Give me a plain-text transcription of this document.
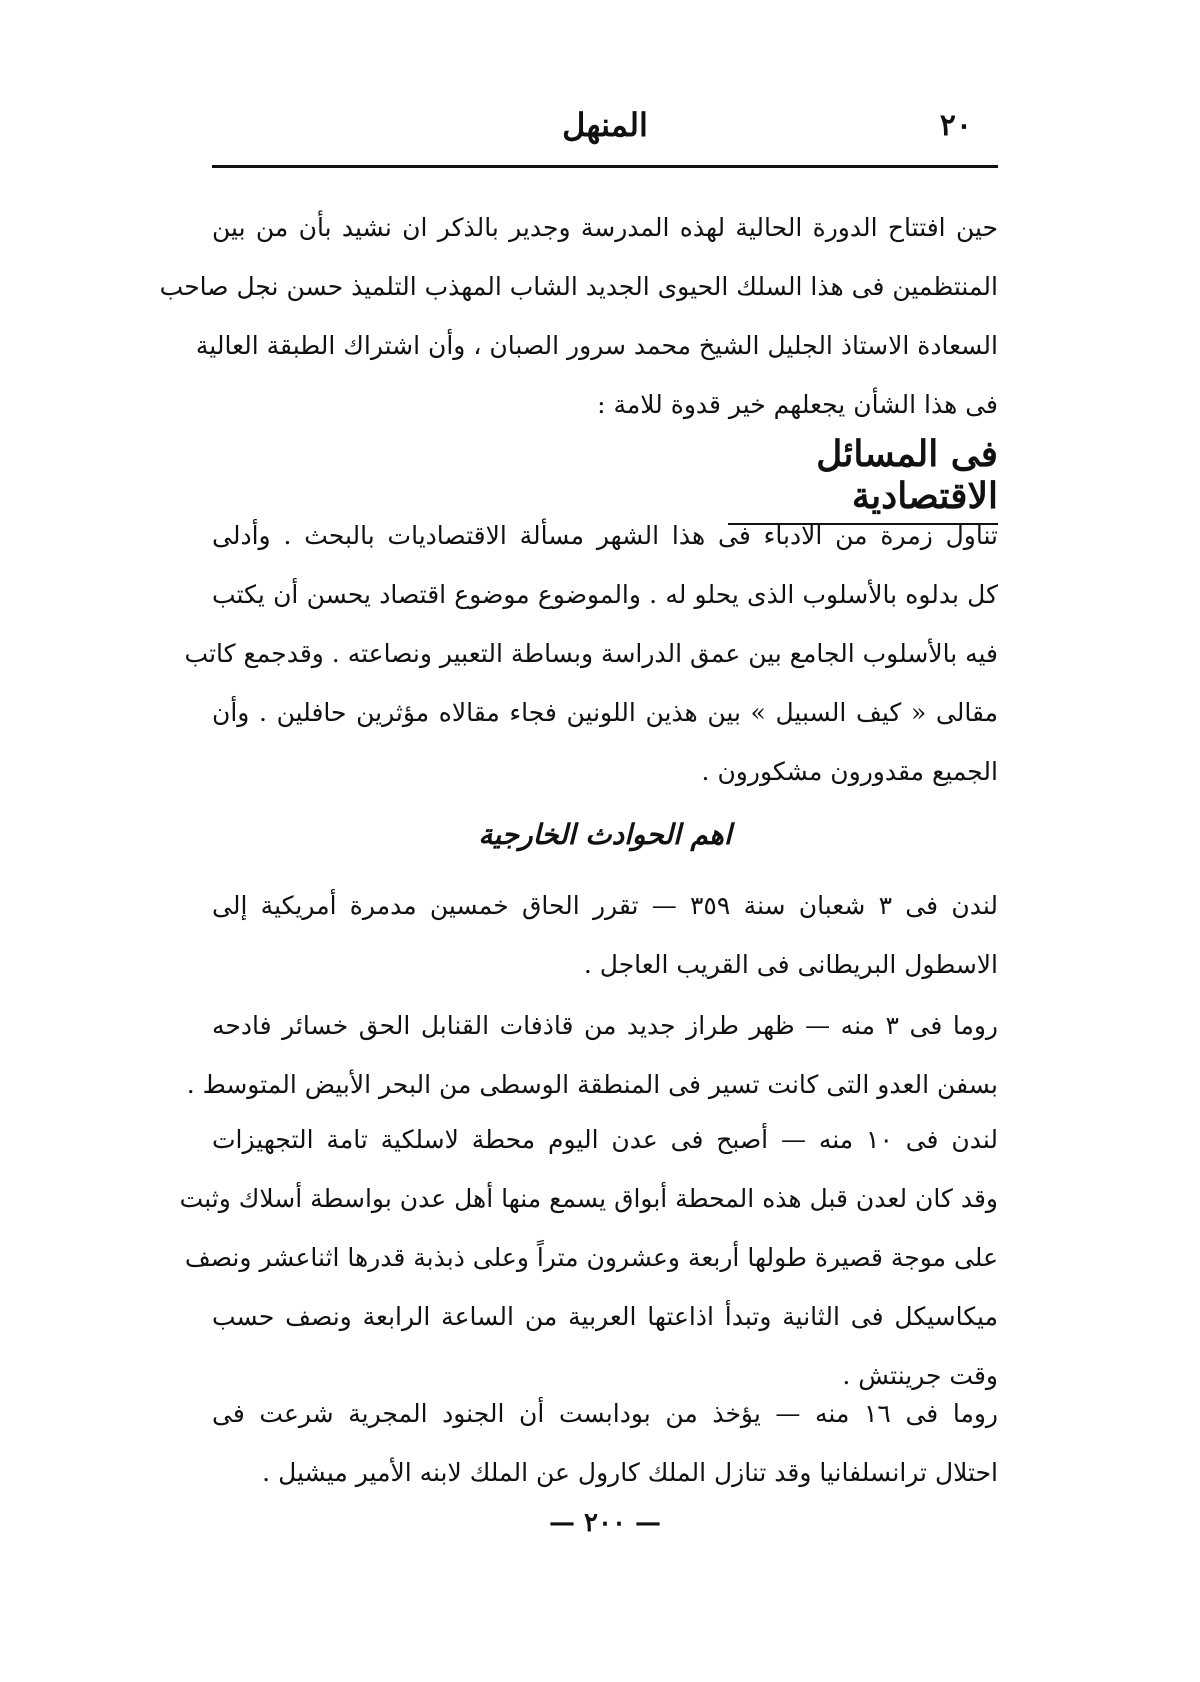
٢٠
المنهل
حين افتتاح الدورة الحالية لهذه المدرسة وجدير بالذكر ان نشيد بأن من بين
المنتظمين فى هذا السلك الحيوى الجديد الشاب المهذب التلميذ حسن نجل صاحب
السعادة الاستاذ الجليل الشيخ محمد سرور الصبان ، وأن اشتراك الطبقة العالية
فى هذا الشأن يجعلهم خير قدوة للامة :
فى المسائل الاقتصادية
تناول زمرة من الادباء فى هذا الشهر مسألة الاقتصاديات بالبحث . وأدلى
كل بدلوه بالأسلوب الذى يحلو له . والموضوع موضوع اقتصاد يحسن أن يكتب
فيه بالأسلوب الجامع بين عمق الدراسة وبساطة التعبير ونصاعته . وقدجمع كاتب
مقالى « كيف السبيل » بين هذين اللونين فجاء مقالاه مؤثرين حافلين . وأن
الجميع مقدورون مشكورون .
اهم الحوادث الخارجية
لندن فى ٣ شعبان سنة ٣٥٩ — تقرر الحاق خمسين مدمرة أمريكية إلى
الاسطول البريطانى فى القريب العاجل .
روما فى ٣ منه — ظهر طراز جديد من قاذفات القنابل الحق خسائر فادحه
بسفن العدو التى كانت تسير فى المنطقة الوسطى من البحر الأبيض المتوسط .
لندن فى ١٠ منه — أصبح فى عدن اليوم محطة لاسلكية تامة التجهيزات
وقد كان لعدن قبل هذه المحطة أبواق يسمع منها أهل عدن بواسطة أسلاك وثبت
على موجة قصيرة طولها أربعة وعشرون متراً وعلى ذبذبة قدرها اثناعشر ونصف
ميكاسيكل فى الثانية وتبدأ اذاعتها العربية من الساعة الرابعة ونصف حسب
وقت جرينتش .
روما فى ١٦ منه — يؤخذ من بودابست أن الجنود المجرية شرعت فى
احتلال ترانسلفانيا وقد تنازل الملك كارول عن الملك لابنه الأمير ميشيل .
— ٢٠٠ —
